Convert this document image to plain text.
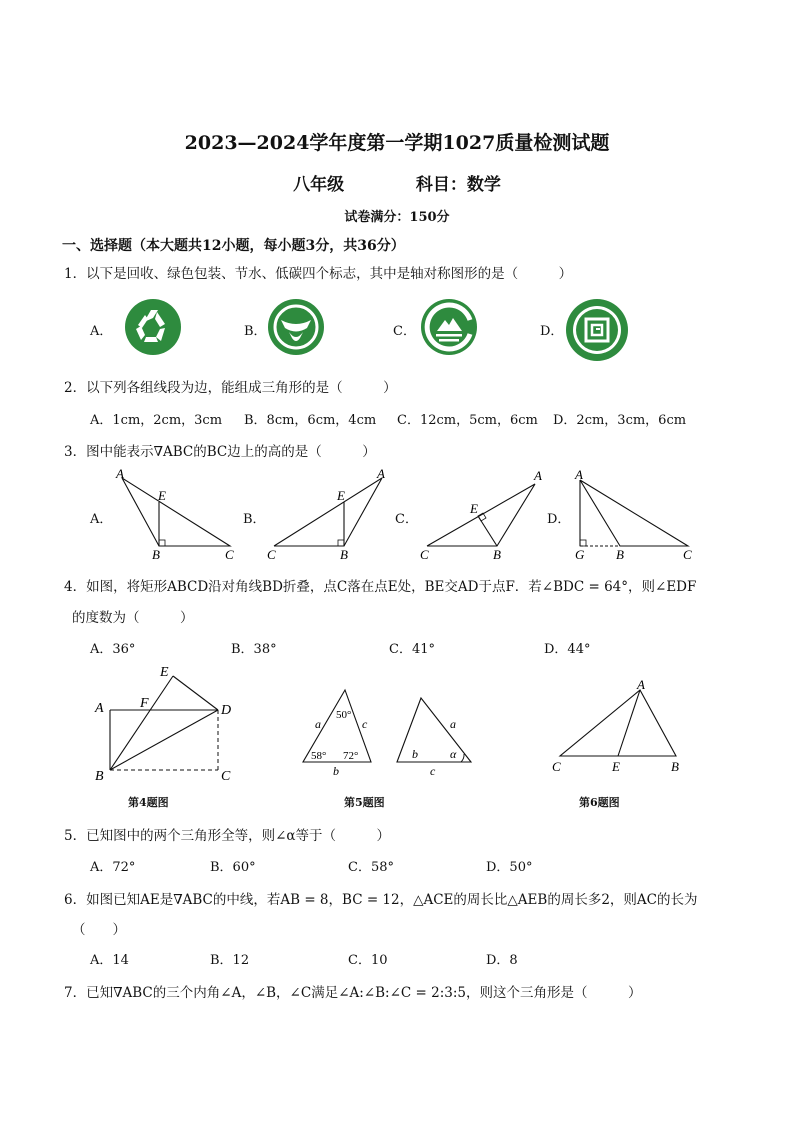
2023—2024学年度第一学期1027质量检测试题
八年级	科目：数学
试卷满分：150分
一、选择题（本大题共12小题，每小题3分，共36分）
1．以下是回收、绿色包装、节水、低碳四个标志，其中是轴对称图形的是（　　　）
A．	B．	C．	D．
2．以下列各组线段为边，能组成三角形的是（　　　）
A．1cm，2cm，3cm B．8cm，6cm，4cm C．12cm，5cm，6cm D．2cm，3cm，6cm
3．图中能表示∇ABC的BC边上的高的是（　　　）
A．	B．	C．	D．
A
E
B	C
A
E
B
C
A
E
B
C
A
G B	C
4．如图，将矩形ABCD沿对角线BD折叠，点C落在点E处，BE交AD于点F．若∠BDC = 64°，则∠EDF
的度数为（　　　）
A．36°	B．38°	C．41°	D．44°
A
B	C
D
E
F
第4题图
50°
58° 72°
a	c
b
a
b	α
c
第5题图
A
C	E	B
第6题图
5．已知图中的两个三角形全等，则∠α等于（　　　）
A．72°	B．60°	C．58°	D．50°
6．如图已知AE是∇ABC的中线，若AB = 8，BC = 12，△ACE的周长比△AEB的周长多2，则AC的长为
（　　）
A．14	B．12	C．10	D．8
7．已知∇ABC的三个内角∠A，∠B，∠C满足∠A:∠B:∠C = 2:3:5，则这个三角形是（　　　）
